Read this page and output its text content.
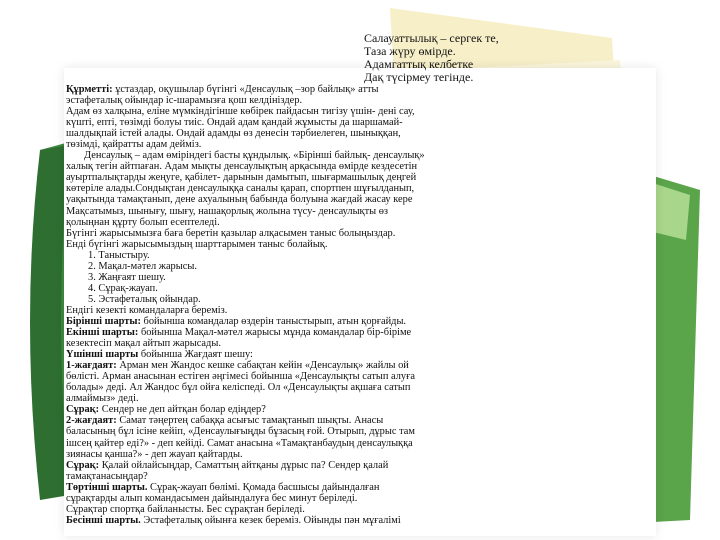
Салауаттылық – сергек те,
Таза жүру өмірде.
Адамгаттық келбетке
Дақ түсірмеу тегінде.
Құрметті: ұстаздар, оқушылар бүгінгі «Денсаулық –зор байлық» атты
эстафеталық ойындар іс-шарамызға қош келдініздер.
Адам өз халқына, еліне мүмкіндігінше көбірек пайдасын тигізу үшін- дені сау,
күшті, епті, төзімді болуы тиіс. Ондай адам қандай жұмысты да шаршамай-
шалдықпай істей алады. Ондай адамды өз денесін тәрбиелеген, шыныққан,
төзімді, қайратты адам дейміз.
Денсаулық – адам өміріндегі басты құндылық. «Бірінші байлық- денсаулық»
халық тегін айтпаған. Адам мықты денсаулықтың арқасында өмірде кездесетін
ауыртпалықтарды жеңуге, қабілет- дарынын дамытып, шығармашылық деңгей
көтеріле алады.Сондықтан денсаулыққа саналы қарап, спортпен шұғылданып,
уақытында тамақтанып, дене ахуалының бабында болуына жағдай жасау кере
Мақсатымыз, шынығу, шығу, нашақорлық жолына түсу- денсаулықты өз
қолыңнан құрту болып есептеледі.
Бүгінгі жарысымызға баға беретін қазылар алқасымен таныс болыңыздар.
Енді бүгінгі жарысымыздың шарттарымен таныс болайық.
1. Таныстыру.
2. Мақал-мәтел жарысы.
3. Жаңғаят шешу.
4. Сұрақ-жауап.
5. Эстафеталық ойындар.
Ендігі кезекті командаларға береміз.
Бірінші шарты: бойынша командалар өздерін таныстырып, атын қорғайды.
Екінші шарты: бойынша Мақал-мәтел жарысы мұнда командалар бір-біріме
кезектесіп мақал айтып жарысады.
Үшінші шарты бойынша Жағдаят шешу:
1-жағдаят: Арман мен Жандос кешке сабақтан кейін «Денсаулық» жайлы ой
бөлісті. Арман анасынан естіген әңгімесі бойынша «Денсаулықты сатып алуға
болады» деді. Ал Жандос бұл ойға келіспеді. Ол «Денсаулықты ақшаға сатып
алмаймыз» деді.
Сұрақ: Сендер не деп айтқан болар едіңдер?
2-жағдаят: Самат тәңертең сабаққа асығыс тамақтанып шықты. Анасы
баласының бұл ісіне кейіп, «Денсаулығыңды бұзасың ғой. Отырып, дұрыс там
ішсең қайтер еді?» - деп кейіді. Самат анасына «Тамақтанбаудың денсаулыққа
зиянасы қанша?» - деп жауап қайтарды.
Сұрақ: Қалай ойлайсыңдар, Саматтың айтқаны дұрыс па? Сендер қалай
тамақтанасыңдар?
Төртінші шарты. Сұрақ-жауап бөлімі. Қомада басшысы дайындалған
сұрақтарды алып командасымен дайындалуға бес минут беріледі.
Сұрақтар спортқа байланысты. Бес сұрақтан беріледі.
Бесінші шарты. Эстафеталық ойынға кезек береміз. Ойынды пән мұғалімі
